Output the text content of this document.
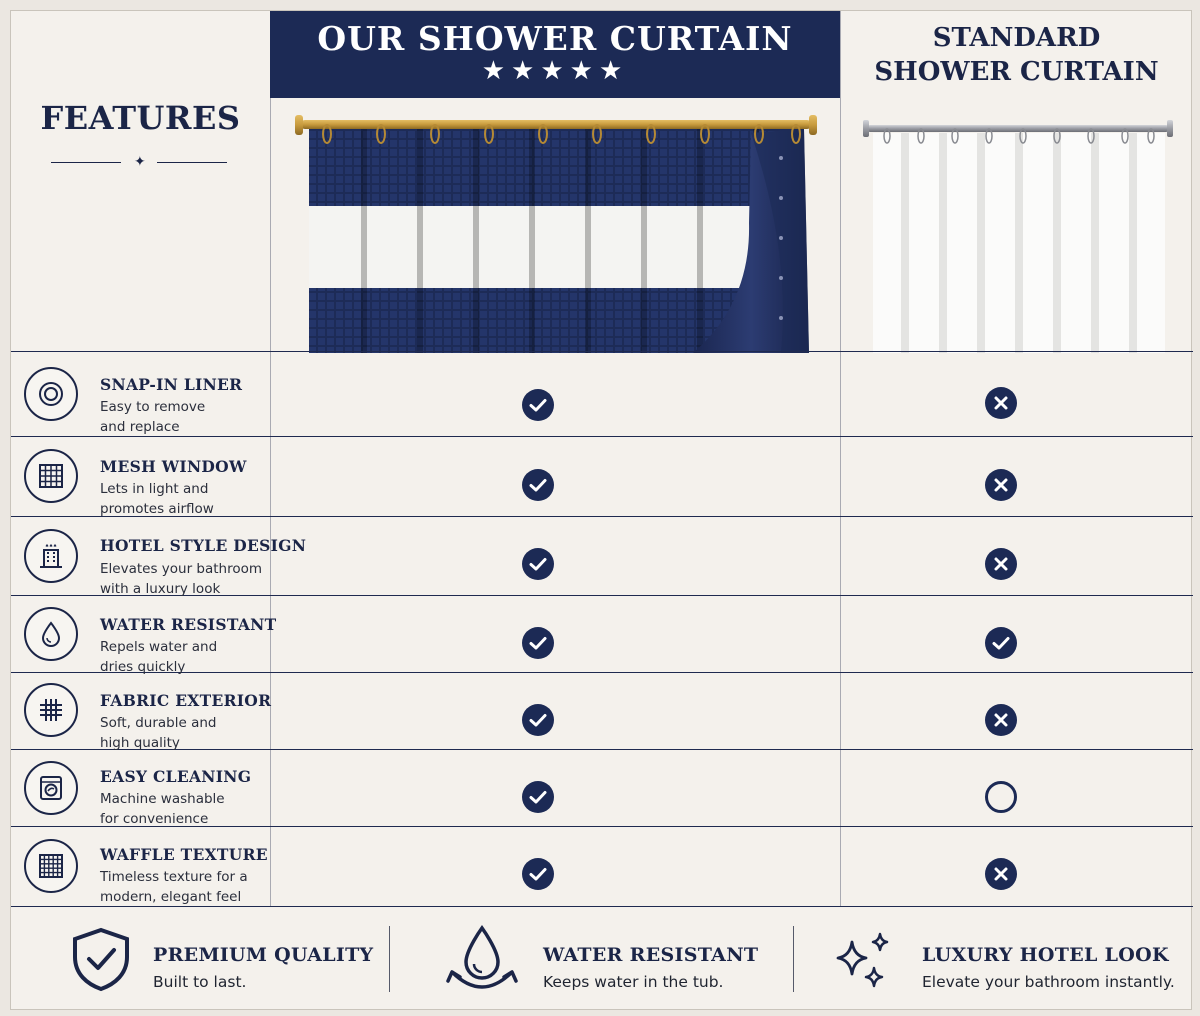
FEATURES
✦
OUR SHOWER CURTAIN
★★★★★
STANDARD
SHOWER CURTAIN
SNAP-IN LINER
Easy to remove
and replace
MESH WINDOW
Lets in light and
promotes airflow
HOTEL STYLE DESIGN
Elevates your bathroom
with a luxury look
WATER RESISTANT
Repels water and
dries quickly
FABRIC EXTERIOR
Soft, durable and
high quality
EASY CLEANING
Machine washable
for convenience
WAFFLE TEXTURE
Timeless texture for a
modern, elegant feel
PREMIUM QUALITY
Built to last.
WATER RESISTANT
Keeps water in the tub.
LUXURY HOTEL LOOK
Elevate your bathroom instantly.
